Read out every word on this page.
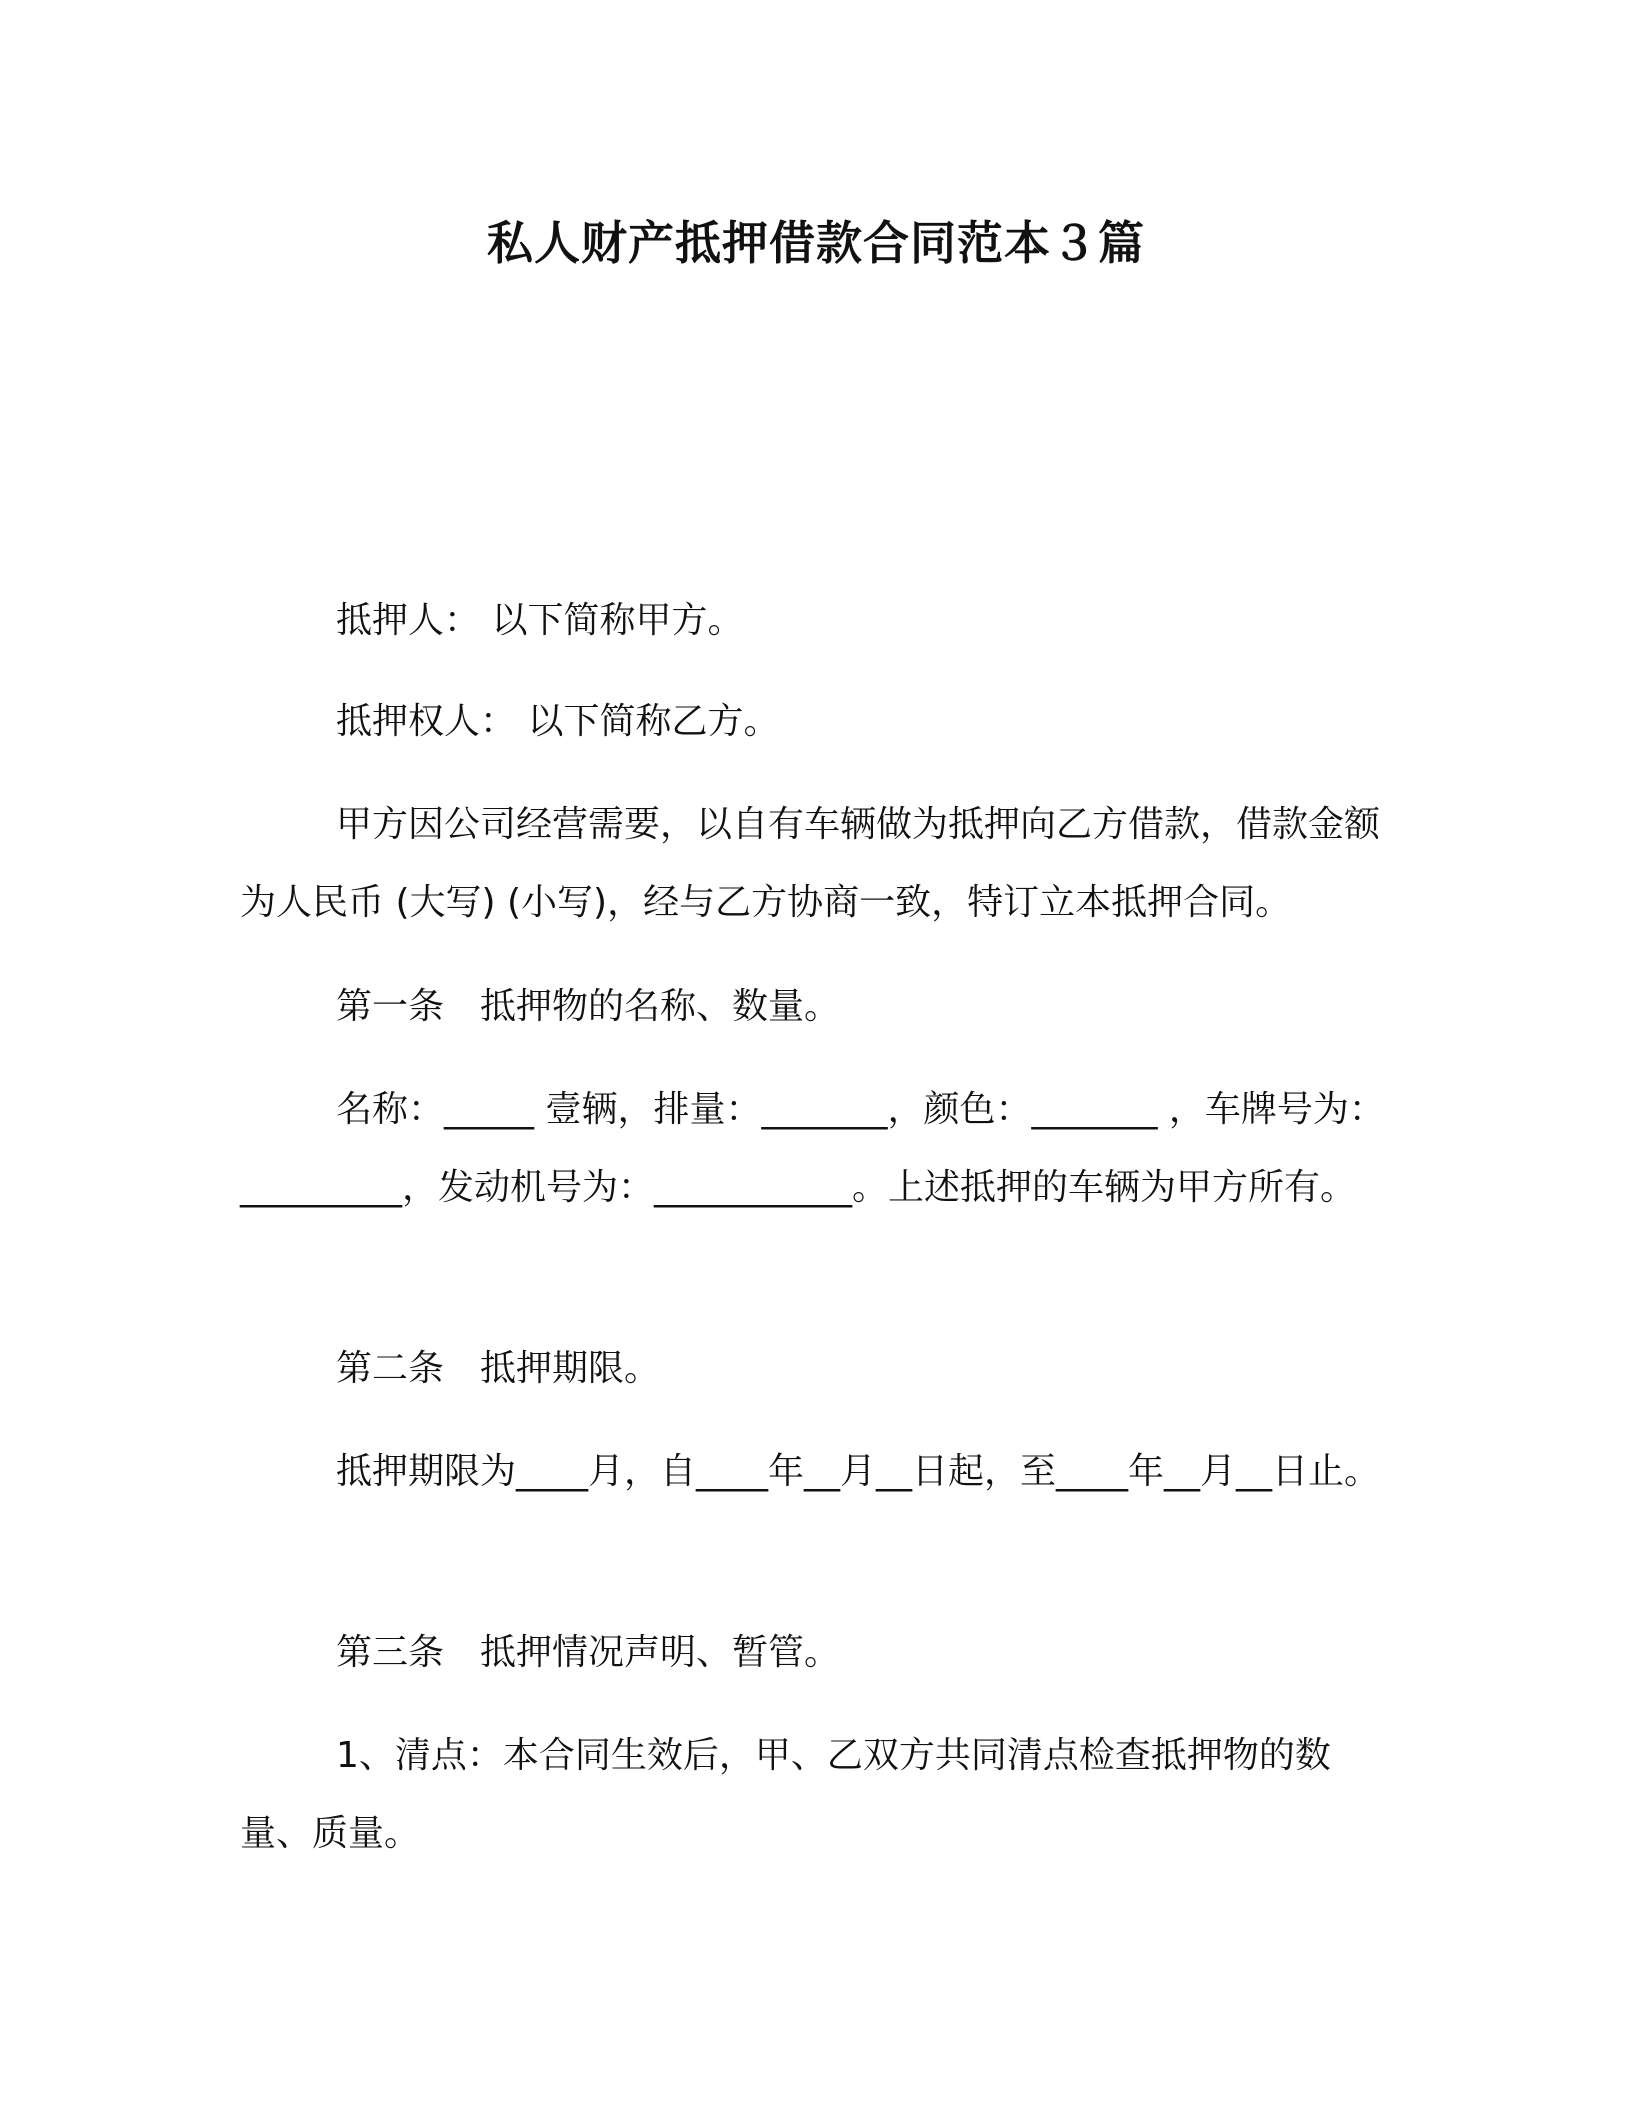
私人财产抵押借款合同范本３篇

抵押人： 以下简称甲方。

抵押权人： 以下简称乙方。

甲方因公司经营需要，以自有车辆做为抵押向乙方借款，借款金额为人民币 (大写) (小写)，经与乙方协商一致，特订立本抵押合同。

第一条　抵押物的名称、数量。

名称：_____ 壹辆，排量：_______，颜色：_______ ，车牌号为：_________，发动机号为：___________。上述抵押的车辆为甲方所有。

第二条　抵押期限。

抵押期限为____月，自____年__月__日起，至____年__月__日止。

第三条　抵押情况声明、暂管。

1、清点：本合同生效后，甲、乙双方共同清点检查抵押物的数量、质量。
